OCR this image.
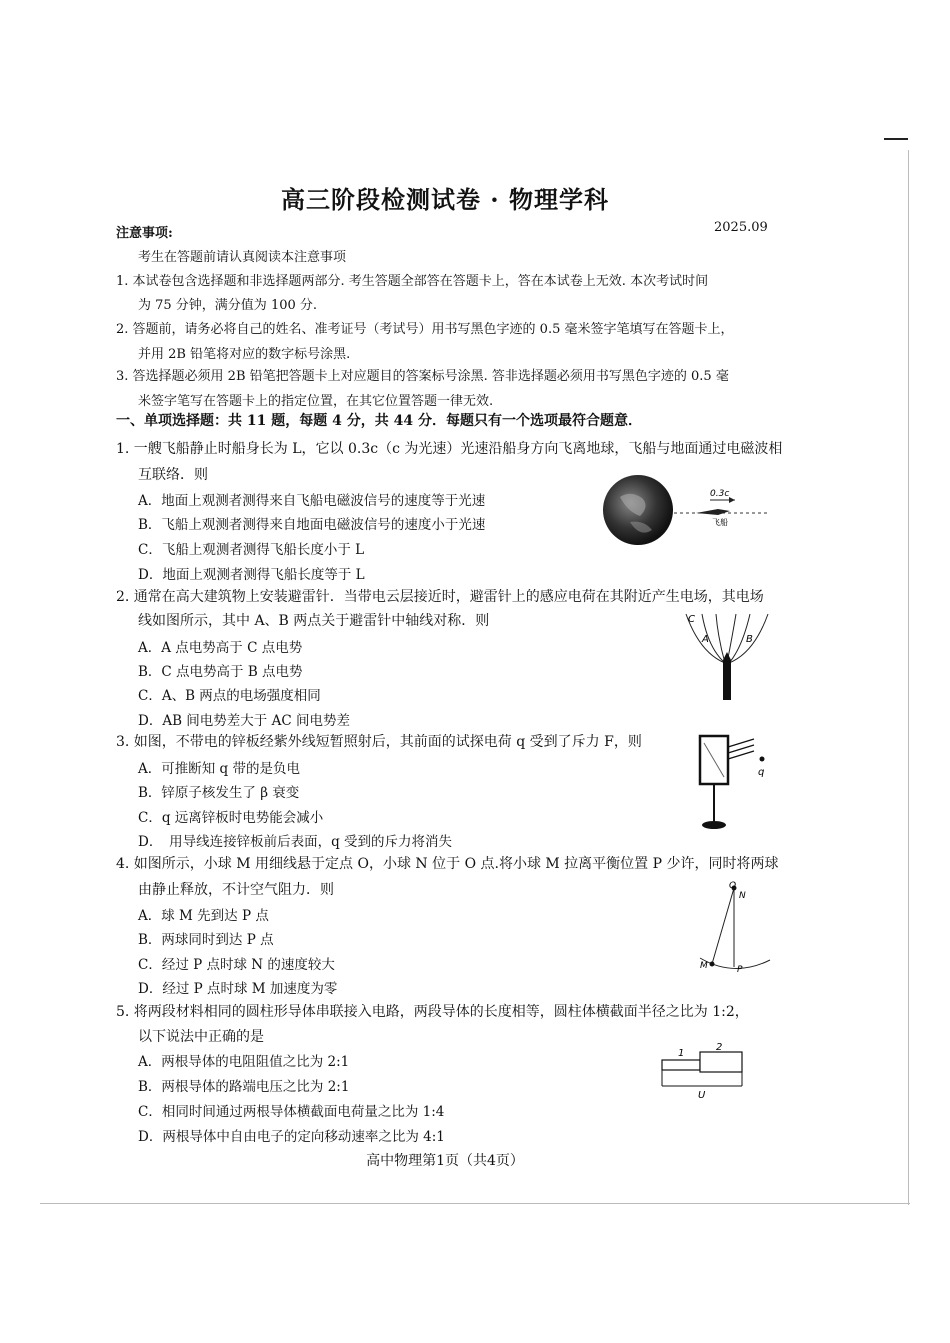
高三阶段检测试卷 · 物理学科
注意事项:	2025.09
考生在答题前请认真阅读本注意事项
1. 本试卷包含选择题和非选择题两部分. 考生答题全部答在答题卡上，答在本试卷上无效. 本次考试时间
为 75 分钟，满分值为 100 分.
2. 答题前，请务必将自己的姓名、准考证号（考试号）用书写黑色字迹的 0.5 毫米签字笔填写在答题卡上，
并用 2B 铅笔将对应的数字标号涂黑.
3. 答选择题必须用 2B 铅笔把答题卡上对应题目的答案标号涂黑. 答非选择题必须用书写黑色字迹的 0.5 毫
米签字笔写在答题卡上的指定位置，在其它位置答题一律无效.
一、单项选择题：共 11 题，每题 4 分，共 44 分．每题只有一个选项最符合题意．
1. 一艘飞船静止时船身长为 L，它以 0.3c（c 为光速）光速沿船身方向飞离地球，飞船与地面通过电磁波相
互联络．则
A．地面上观测者测得来自飞船电磁波信号的速度等于光速
B．飞船上观测者测得来自地面电磁波信号的速度小于光速
C．飞船上观测者测得飞船长度小于 L
D．地面上观测者测得飞船长度等于 L
0.3c
飞船
2. 通常在高大建筑物上安装避雷针．当带电云层接近时，避雷针上的感应电荷在其附近产生电场，其电场
线如图所示，其中 A、B 两点关于避雷针中轴线对称．则
A．A 点电势高于 C 点电势
B．C 点电势高于 B 点电势
C．A、B 两点的电场强度相同
D．AB 间电势差大于 AC 间电势差
C
A	B
3. 如图，不带电的锌板经紫外线短暂照射后，其前面的试探电荷 q 受到了斥力 F，则
A．可推断知 q 带的是负电
B．锌原子核发生了 β 衰变
C．q 远离锌板时电势能会减小
D．　用导线连接锌板前后表面，q 受到的斥力将消失
q
4. 如图所示，小球 M 用细线悬于定点 O，小球 N 位于 O 点.将小球 M 拉离平衡位置 P 少许，同时将两球
由静止释放，不计空气阻力．则
A．球 M 先到达 P 点
B．两球同时到达 P 点
C．经过 P 点时球 N 的速度较大
D．经过 P 点时球 M 加速度为零
O
N
M	P
5. 将两段材料相同的圆柱形导体串联接入电路，两段导体的长度相等，圆柱体横截面半径之比为 1:2，
以下说法中正确的是
A．两根导体的电阻阻值之比为 2:1
B．两根导体的路端电压之比为 2:1
C．相同时间通过两根导体横截面电荷量之比为 1:4
D．两根导体中自由电子的定向移动速率之比为 4:1
1
2
U
高中物理第1页（共4页）
